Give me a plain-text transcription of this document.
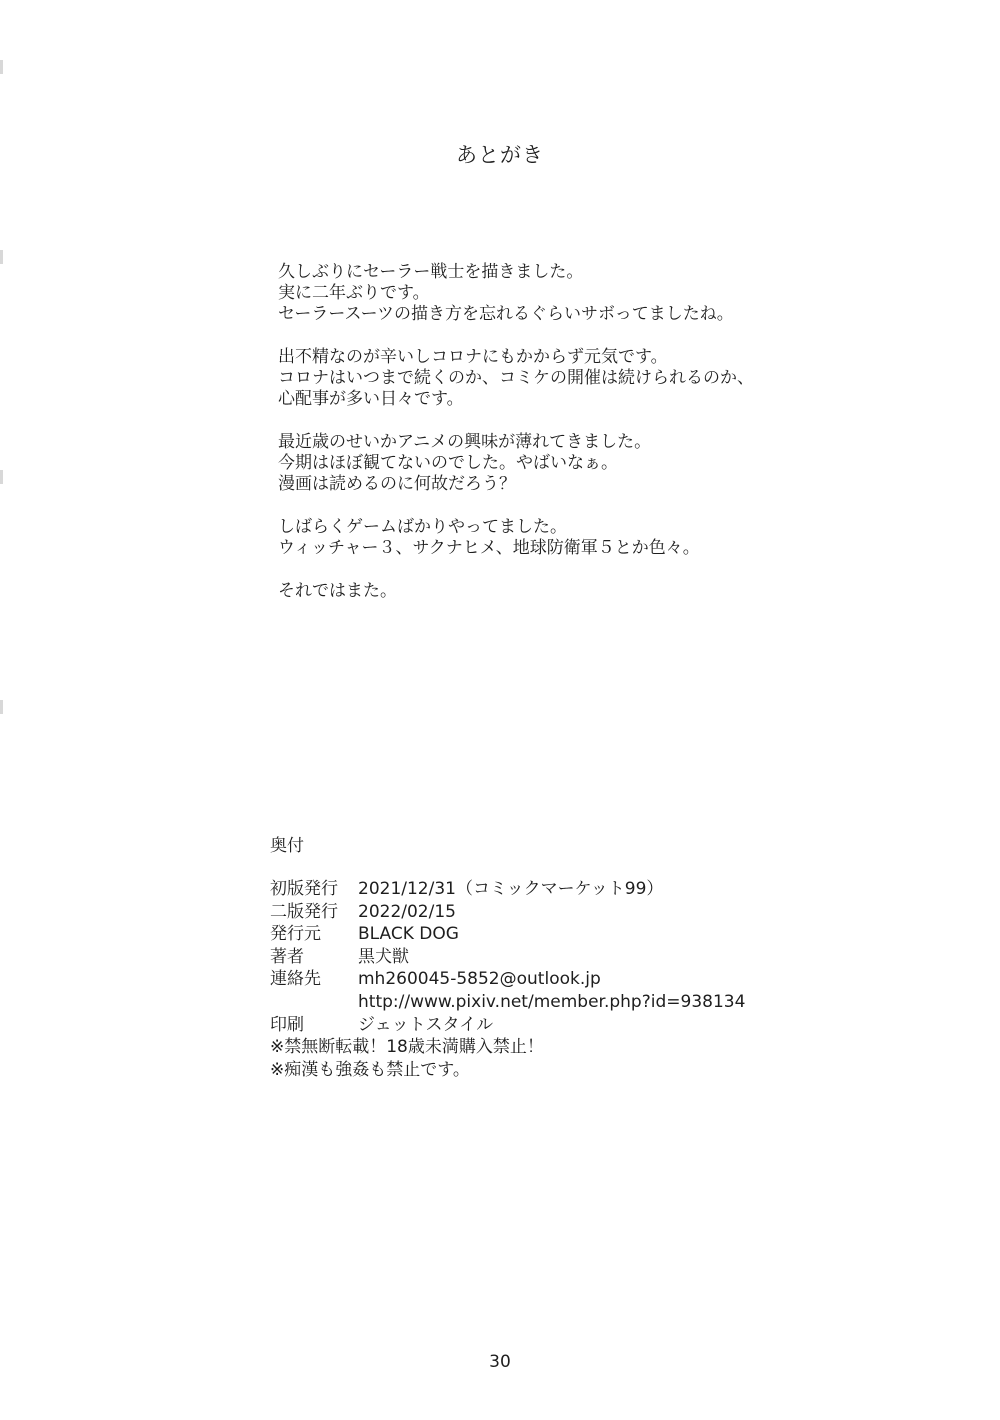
あとがき

久しぶりにセーラー戦士を描きました。
実に二年ぶりです。
セーラースーツの描き方を忘れるぐらいサボってましたね。

出不精なのが辛いしコロナにもかからず元気です。
コロナはいつまで続くのか、コミケの開催は続けられるのか、
心配事が多い日々です。

最近歳のせいかアニメの興味が薄れてきました。
今期はほぼ観てないのでした。やばいなぁ。
漫画は読めるのに何故だろう？

しばらくゲームばかりやってました。
ウィッチャー３、サクナヒメ、地球防衛軍５とか色々。

それではまた。

奥付
初版発行	2021/12/31（コミックマーケット99）
二版発行	2022/02/15
発行元	BLACK DOG
著者	黒犬獣
連絡先	mh260045-5852@outlook.jp
http://www.pixiv.net/member.php?id=938134
印刷	ジェットスタイル
※禁無断転載！18歳未満購入禁止！
※痴漢も強姦も禁止です。
30
